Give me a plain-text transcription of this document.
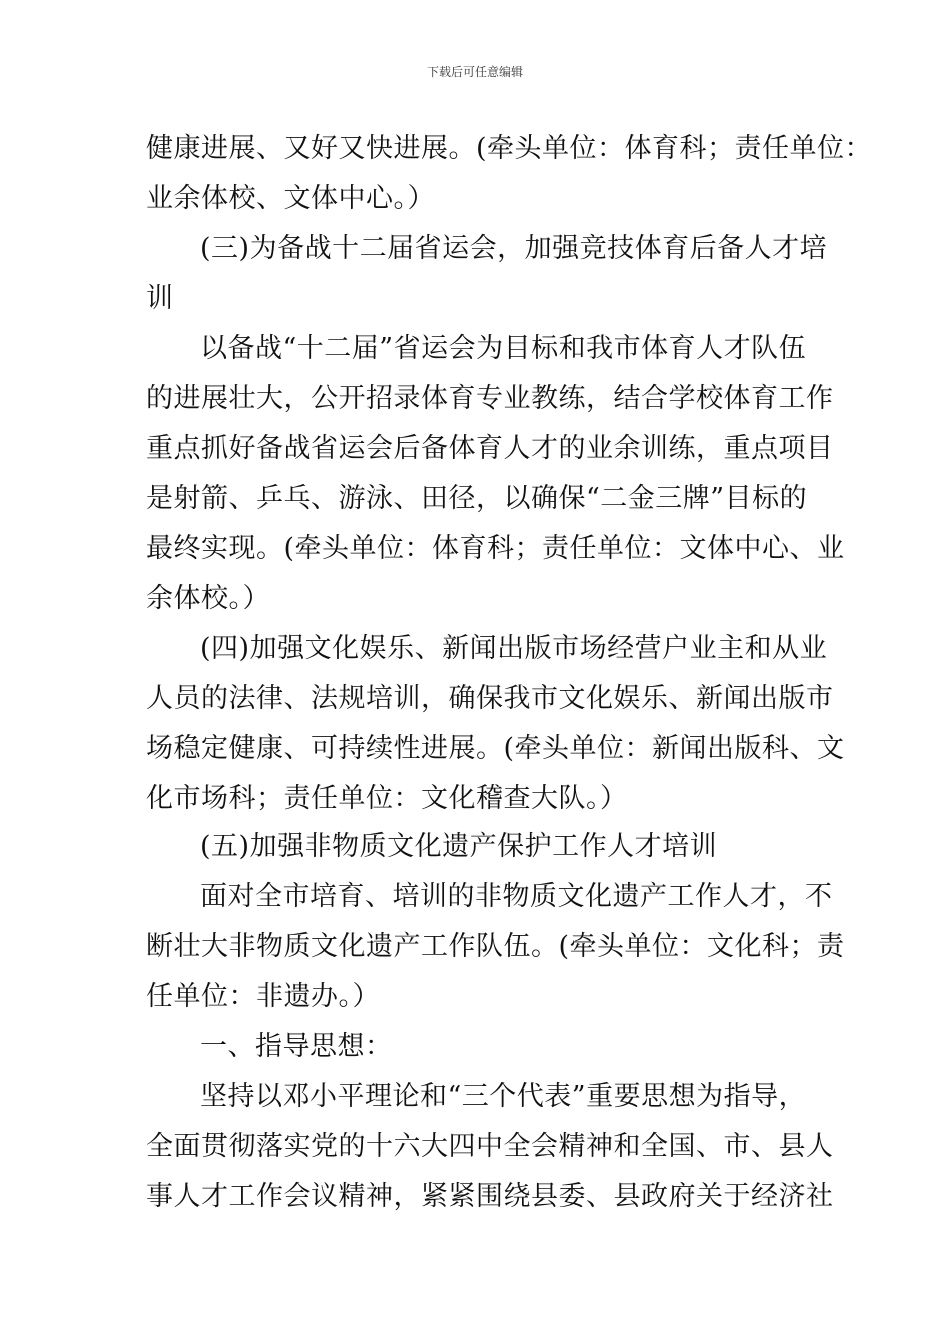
下载后可任意编辑
健康进展、又好又快进展。(牵头单位：体育科；责任单位：
业余体校、文体中心。）
(三)为备战十二届省运会，加强竞技体育后备人才培
训
以备战“十二届”省运会为目标和我市体育人才队伍
的进展壮大，公开招录体育专业教练，结合学校体育工作
重点抓好备战省运会后备体育人才的业余训练，重点项目
是射箭、乒乓、游泳、田径，以确保“二金三牌”目标的
最终实现。(牵头单位：体育科；责任单位：文体中心、业
余体校。）
(四)加强文化娱乐、新闻出版市场经营户业主和从业
人员的法律、法规培训，确保我市文化娱乐、新闻出版市
场稳定健康、可持续性进展。(牵头单位：新闻出版科、文
化市场科；责任单位：文化稽查大队。）
(五)加强非物质文化遗产保护工作人才培训
面对全市培育、培训的非物质文化遗产工作人才，不
断壮大非物质文化遗产工作队伍。(牵头单位：文化科；责
任单位：非遗办。）
一、指导思想：
坚持以邓小平理论和“三个代表”重要思想为指导，
全面贯彻落实党的十六大四中全会精神和全国、市、县人
事人才工作会议精神，紧紧围绕县委、县政府关于经济社
